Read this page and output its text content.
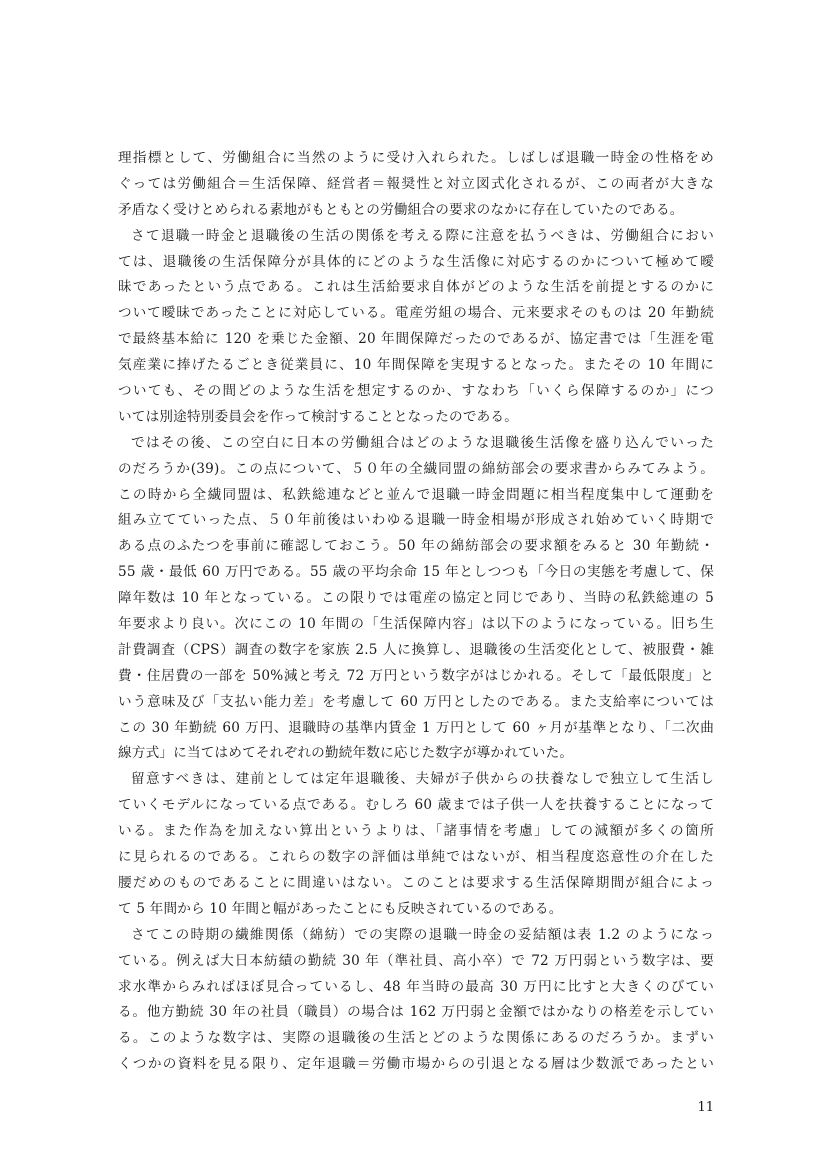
理指標として、労働組合に当然のように受け入れられた。しばしば退職一時金の性格をめ
ぐっては労働組合＝生活保障、経営者＝報奨性と対立図式化されるが、この両者が大きな
矛盾なく受けとめられる素地がもともとの労働組合の要求のなかに存在していたのである。
さて退職一時金と退職後の生活の関係を考える際に注意を払うべきは、労働組合におい
ては、退職後の生活保障分が具体的にどのような生活像に対応するのかについて極めて曖
昧であったという点である。これは生活給要求自体がどのような生活を前提とするのかに
ついて曖昧であったことに対応している。電産労組の場合、元来要求そのものは 20 年勤続
で最終基本給に 120 を乗じた金額、20 年間保障だったのであるが、協定書では「生涯を電
気産業に捧げたるごとき従業員に、10 年間保障を実現するとなった。またその 10 年間に
ついても、その間どのような生活を想定するのか、すなわち「いくら保障するのか」につ
いては別途特別委員会を作って検討することとなったのである。
ではその後、この空白に日本の労働組合はどのような退職後生活像を盛り込んでいった
のだろうか(39)。この点について、５０年の全繊同盟の綿紡部会の要求書からみてみよう。
この時から全繊同盟は、私鉄総連などと並んで退職一時金問題に相当程度集中して運動を
組み立てていった点、５０年前後はいわゆる退職一時金相場が形成され始めていく時期で
ある点のふたつを事前に確認しておこう。50 年の綿紡部会の要求額をみると 30 年勤続・
55 歳・最低 60 万円である。55 歳の平均余命 15 年としつつも「今日の実態を考慮して、保
障年数は 10 年となっている。この限りでは電産の協定と同じであり、当時の私鉄総連の 5
年要求より良い。次にこの 10 年間の「生活保障内容」は以下のようになっている。旧ち生
計費調査（CPS）調査の数字を家族 2.5 人に換算し、退職後の生活変化として、被服費・雑
費・住居費の一部を 50%減と考え 72 万円という数字がはじかれる。そして「最低限度」と
いう意味及び「支払い能力差」を考慮して 60 万円としたのである。また支給率については
この 30 年勤続 60 万円、退職時の基準内賃金 1 万円として 60 ヶ月が基準となり、「二次曲
線方式」に当てはめてそれぞれの勤続年数に応じた数字が導かれていた。
留意すべきは、建前としては定年退職後、夫婦が子供からの扶養なしで独立して生活し
ていくモデルになっている点である。むしろ 60 歳までは子供一人を扶養することになって
いる。また作為を加えない算出というよりは、「諸事情を考慮」しての減額が多くの箇所
に見られるのである。これらの数字の評価は単純ではないが、相当程度恣意性の介在した
腰だめのものであることに間違いはない。このことは要求する生活保障期間が組合によっ
て 5 年間から 10 年間と幅があったことにも反映されているのである。
さてこの時期の繊維関係（綿紡）での実際の退職一時金の妥結額は表 1.2 のようになっ
ている。例えば大日本紡績の勤続 30 年（準社員、高小卒）で 72 万円弱という数字は、要
求水準からみればほぼ見合っているし、48 年当時の最高 30 万円に比すと大きくのびてい
る。他方勤続 30 年の社員（職員）の場合は 162 万円弱と金額ではかなりの格差を示してい
る。このような数字は、実際の退職後の生活とどのような関係にあるのだろうか。まずい
くつかの資料を見る限り、定年退職＝労働市場からの引退となる層は少数派であったとい
11
